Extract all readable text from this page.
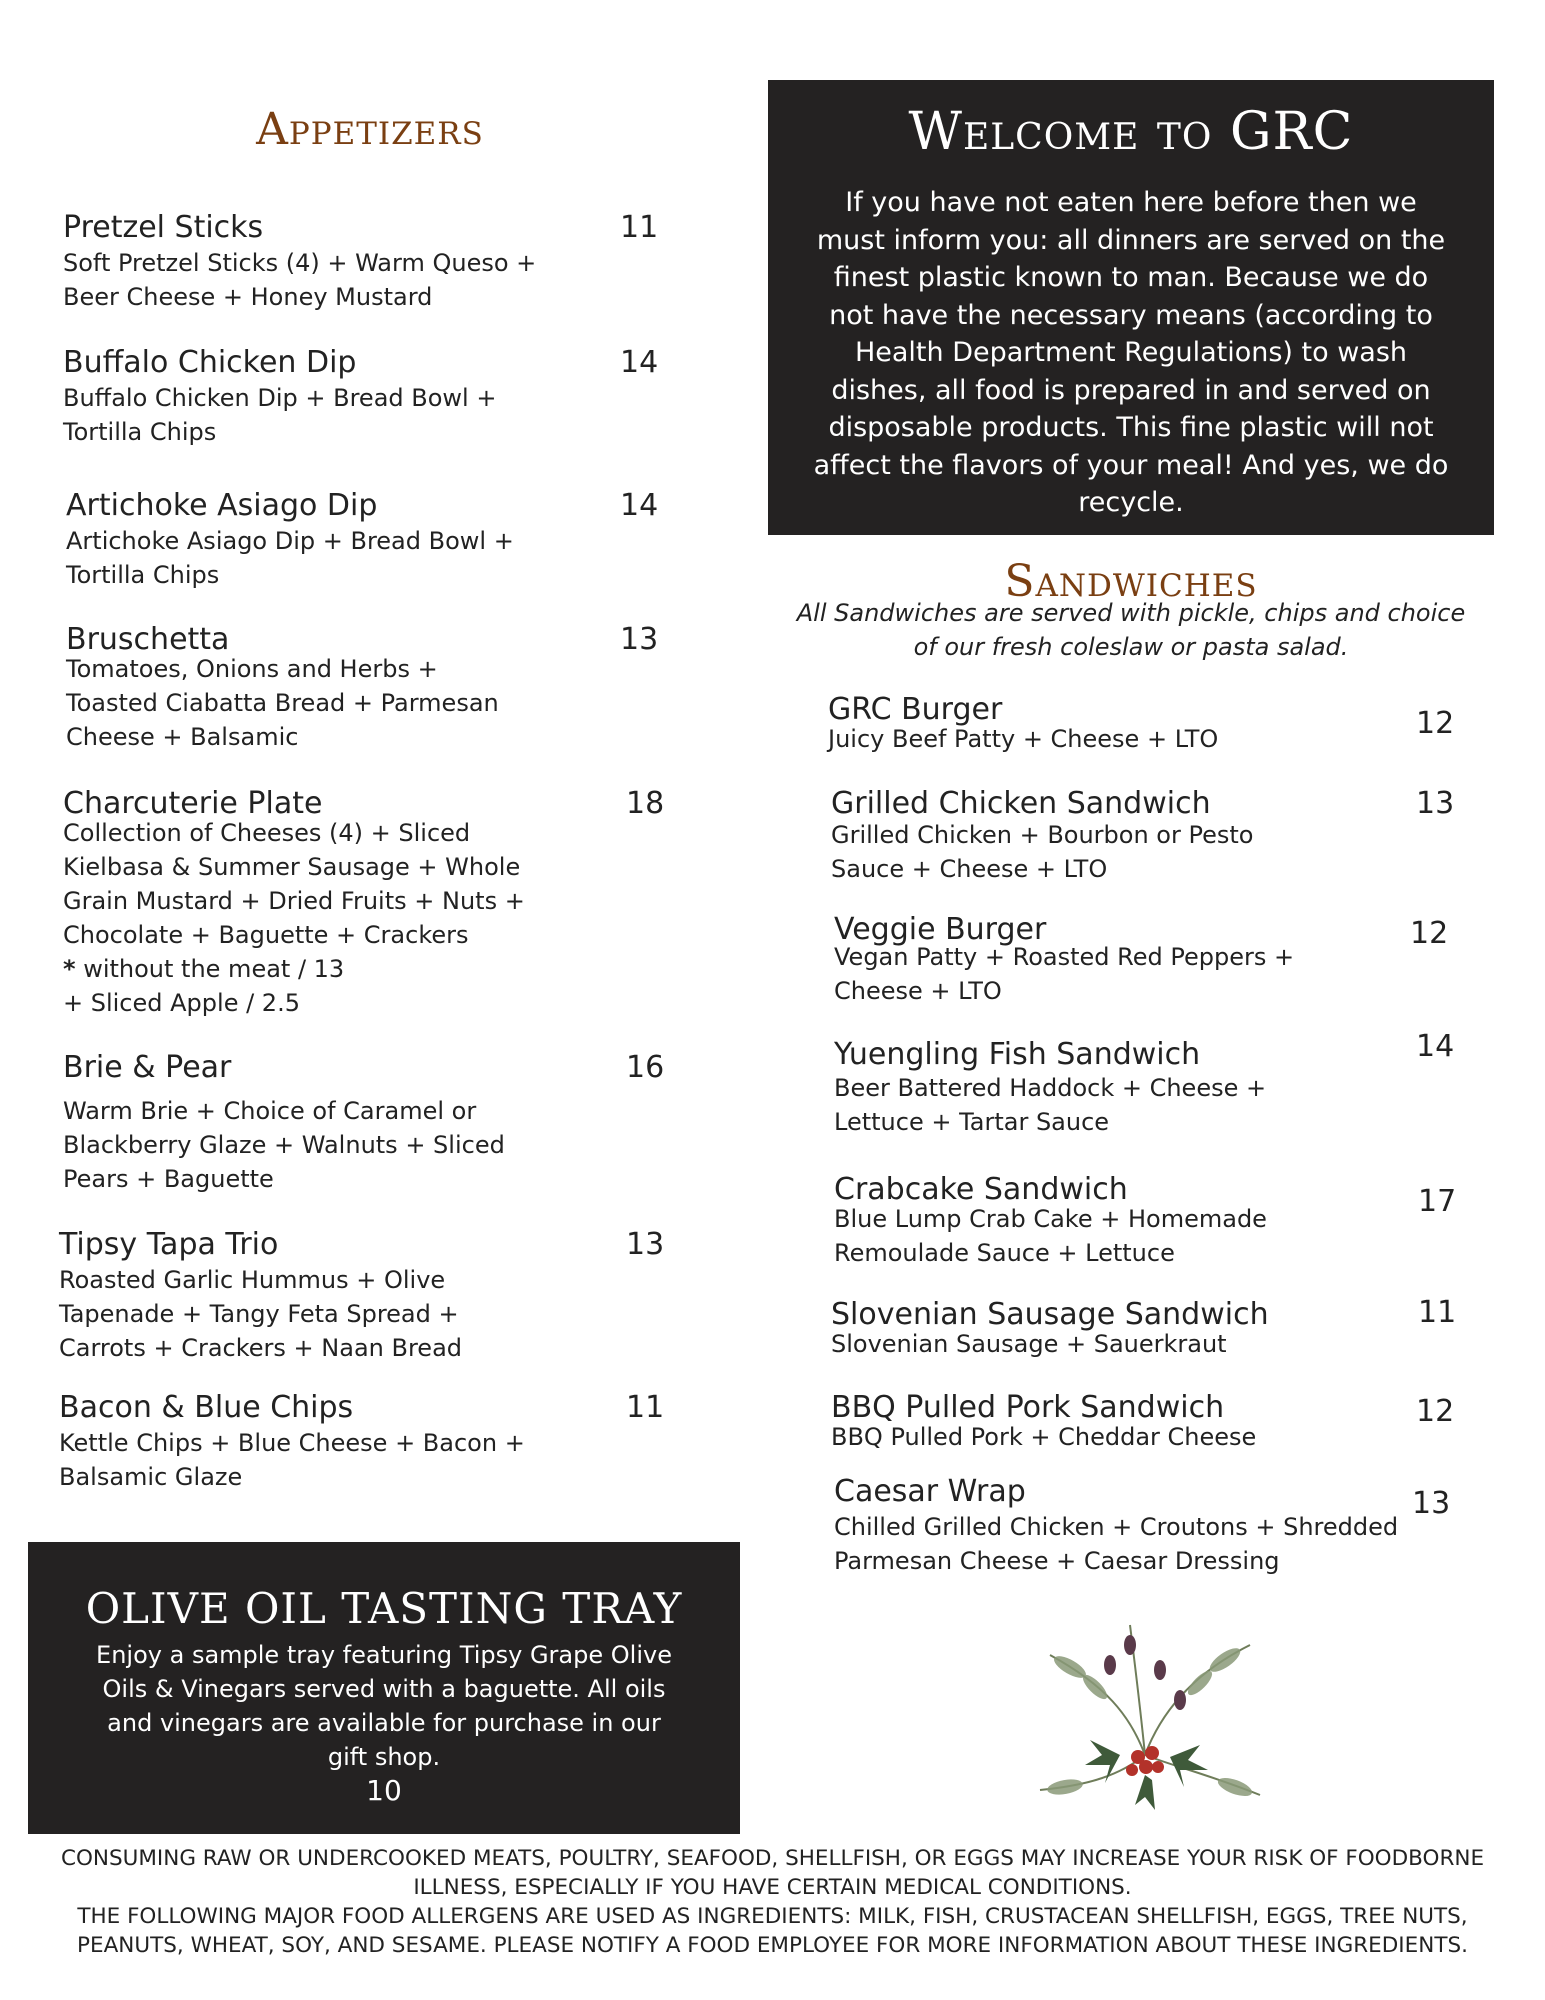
Appetizers
Pretzel Sticks
Soft Pretzel Sticks (4) + Warm Queso +
Beer Cheese + Honey Mustard
11
Buffalo Chicken Dip
Buffalo Chicken Dip + Bread Bowl +
Tortilla Chips
14
Artichoke Asiago Dip
Artichoke Asiago Dip + Bread Bowl +
Tortilla Chips
14
Bruschetta
Tomatoes, Onions and Herbs +
Toasted Ciabatta Bread + Parmesan
Cheese + Balsamic
13
Charcuterie Plate
Collection of Cheeses (4) + Sliced
Kielbasa & Summer Sausage + Whole
Grain Mustard + Dried Fruits + Nuts +
Chocolate + Baguette + Crackers
* without the meat / 13
+ Sliced Apple / 2.5
18
Brie & Pear
Warm Brie + Choice of Caramel or
Blackberry Glaze + Walnuts + Sliced
Pears + Baguette
16
Tipsy Tapa Trio
Roasted Garlic Hummus + Olive
Tapenade + Tangy Feta Spread +
Carrots + Crackers + Naan Bread
13
Bacon & Blue Chips
Kettle Chips + Blue Cheese + Bacon +
Balsamic Glaze
11
Welcome to GRC
If you have not eaten here before then we must inform you: all dinners are served on the finest plastic known to man. Because we do not have the necessary means (according to Health Department Regulations) to wash dishes, all food is prepared in and served on disposable products. This fine plastic will not affect the flavors of your meal! And yes, we do recycle.
Sandwiches
All Sandwiches are served with pickle, chips and choice
of our fresh coleslaw or pasta salad.
GRC Burger
Juicy Beef Patty + Cheese + LTO	12
Grilled Chicken Sandwich
Grilled Chicken + Bourbon or Pesto
Sauce + Cheese + LTO
13
Veggie Burger
Vegan Patty + Roasted Red Peppers +
Cheese + LTO
12
Yuengling Fish Sandwich
Beer Battered Haddock + Cheese +
Lettuce + Tartar Sauce
14
Crabcake Sandwich
Blue Lump Crab Cake + Homemade
Remoulade Sauce + Lettuce
17
Slovenian Sausage Sandwich
Slovenian Sausage + Sauerkraut
11
BBQ Pulled Pork Sandwich
BBQ Pulled Pork + Cheddar Cheese
12
Caesar Wrap
Chilled Grilled Chicken + Croutons + Shredded
Parmesan Cheese + Caesar Dressing
13
OLIVE OIL TASTING TRAY
Enjoy a sample tray featuring Tipsy Grape Olive
Oils & Vinegars served with a baguette. All oils
and vinegars are available for purchase in our
gift shop.
10

CONSUMING RAW OR UNDERCOOKED MEATS, POULTRY, SEAFOOD, SHELLFISH, OR EGGS MAY INCREASE YOUR RISK OF FOODBORNE ILLNESS, ESPECIALLY IF YOU HAVE CERTAIN MEDICAL CONDITIONS.

THE FOLLOWING MAJOR FOOD ALLERGENS ARE USED AS INGREDIENTS: MILK, FISH, CRUSTACEAN SHELLFISH, EGGS, TREE NUTS, PEANUTS, WHEAT, SOY, AND SESAME. PLEASE NOTIFY A FOOD EMPLOYEE FOR MORE INFORMATION ABOUT THESE INGREDIENTS.
